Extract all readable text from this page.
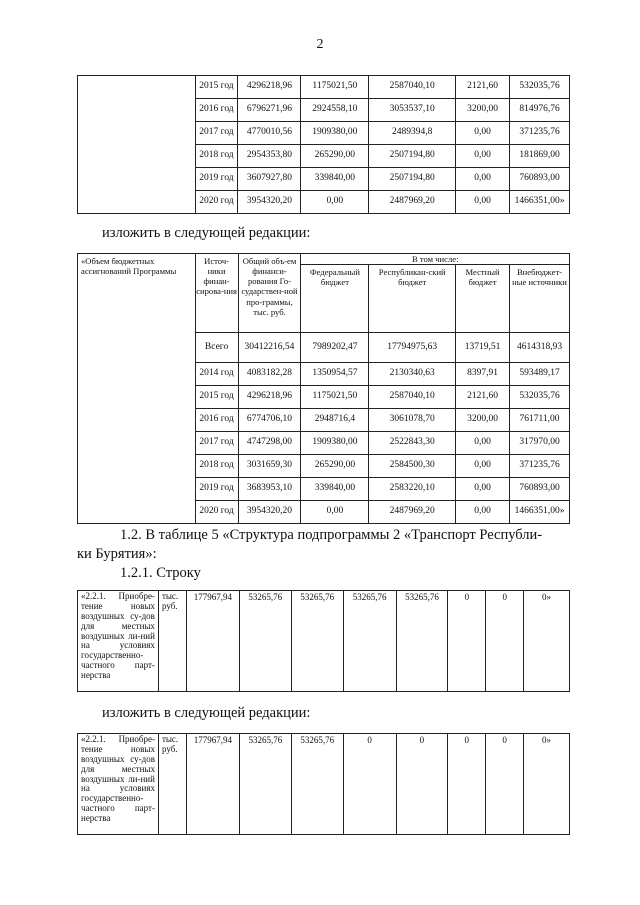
2
	2015 год	4296218,96	1175021,50	2587040,10	2121,60	532035,76
	2016 год	6796271,96	2924558,10	3053537,10	3200,00	814976,76
	2017 год	4770010,56	1909380,00	2489394,8	0,00	371235,76
	2018 год	2954353,80	265290,00	2507194,80	0,00	181869,00
	2019 год	3607927,80	339840,00	2507194,80	0,00	760893,00
	2020 год	3954320,20	0,00	2487969,20	0,00	1466351,00»
изложить в следующей редакции:
«Объем бюджетных ассигнований Программы	Источ-ники финан-сирова-ния	Общий объ-ем финанси-рования Го-сударствен-ной про-граммы, тыс. руб.	В том числе:			
			Федеральный бюджет	Республикан-ский бюджет	Местный бюджет	Внебюджет-ные источники
	Всего	30412216,54	7989202,47	17794975,63	13719,51	4614318,93
	2014 год	4083182,28	1350954,57	2130340,63	8397,91	593489,17
	2015 год	4296218,96	1175021,50	2587040,10	2121,60	532035,76
	2016 год	6774706,10	2948716,4	3061078,70	3200,00	761711,00
	2017 год	4747298,00	1909380,00	2522843,30	0,00	317970,00
	2018 год	3031659,30	265290,00	2584500,30	0,00	371235,76
	2019 год	3683953,10	339840,00	2583220,10	0,00	760893,00
	2020 год	3954320,20	0,00	2487969,20	0,00	1466351,00»
1.2. В таблице 5 «Структура подпрограммы 2 «Транспорт Республи-
ки Бурятия»:
1.2.1. Строку
«2.2.1. Приобре-тение новых воздушных су-дов для местных воздушных ли-ний на условиях государственно-частного парт-нерства	тыс. руб.	177967,94	53265,76	53265,76	53265,76	53265,76	0	0	0»
изложить в следующей редакции:
«2.2.1. Приобре-тение новых воздушных су-дов для местных воздушных ли-ний на условиях государственно-частного парт-нерства	тыс. руб.	177967,94	53265,76	53265,76	0	0	0	0	0»
